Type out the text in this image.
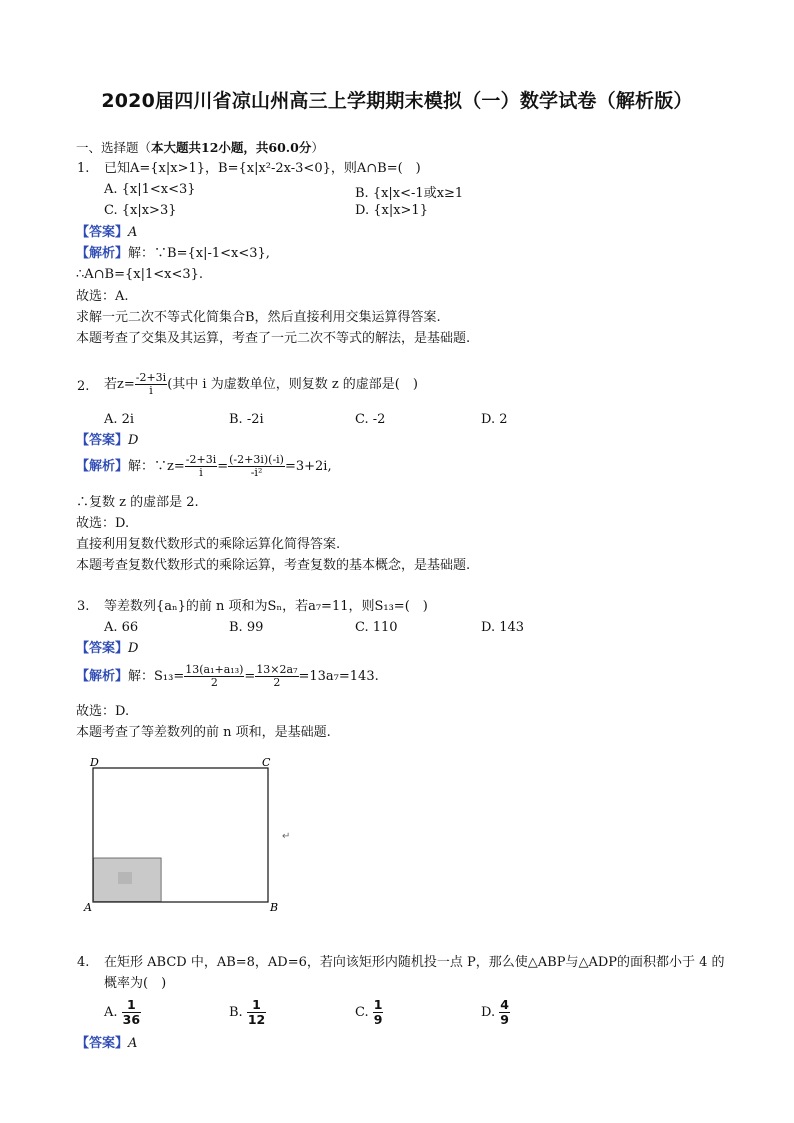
2020届四川省凉山州高三上学期期末模拟（一）数学试卷（解析版）
一、选择题（本大题共12小题，共60.0分）
1. 已知A={x|x>1}，B={x|x²-2x-3<0}，则A∩B=(　)
A. {x|1<x<3}	B. {x|x<-1或x≥1
C. {x|x>3}	D. {x|x>1}
【答案】A
【解析】解：∵B={x|-1<x<3},
∴A∩B={x|1<x<3}.
故选：A.
求解一元二次不等式化简集合B，然后直接利用交集运算得答案.
本题考查了交集及其运算，考查了一元二次不等式的解法，是基础题.
2. 若$z= \frac{-2+3i}{i}$ (其中 i 为虚数单位，则复数 z 的虚部是(　)
A. 2i	B. -2i	C. -2	D. 2
【答案】D
【解析】解：∵z= $\frac{-2+3i}{i} = \frac{(-2+3i)(-i)}{\text{-i²}} =3+2i$,
∴复数 z 的虚部是 2.
故选：D.
直接利用复数代数形式的乘除运算化简得答案.
本题考查复数代数形式的乘除运算，考查复数的基本概念，是基础题.
3. 等差数列{aₙ}的前 n 项和为Sₙ，若a₇=11，则S₁₃=(　)
A. 66	B. 99	C. 110	D. 143
【答案】D
【解析】解：$S_{13}= \frac{\text{13(a₁+a₁₃)}}{2} = \frac{\text{13×2a₇}}{2} =13a_7=143$.
故选：D.
本题考查了等差数列的前 n 项和，是基础题.
D	C
A	B
↵
4. 在矩形 ABCD 中，AB=8，AD=6，若向该矩形内随机投一点 P，那么使△ABP与△ADP的面积都小于 4 的
概率为(　)
A. $\frac{1}{36}$	B. $\frac{1}{12}$	C. $\frac{1}{9}$	D. $\frac{4}{9}$
【答案】A
